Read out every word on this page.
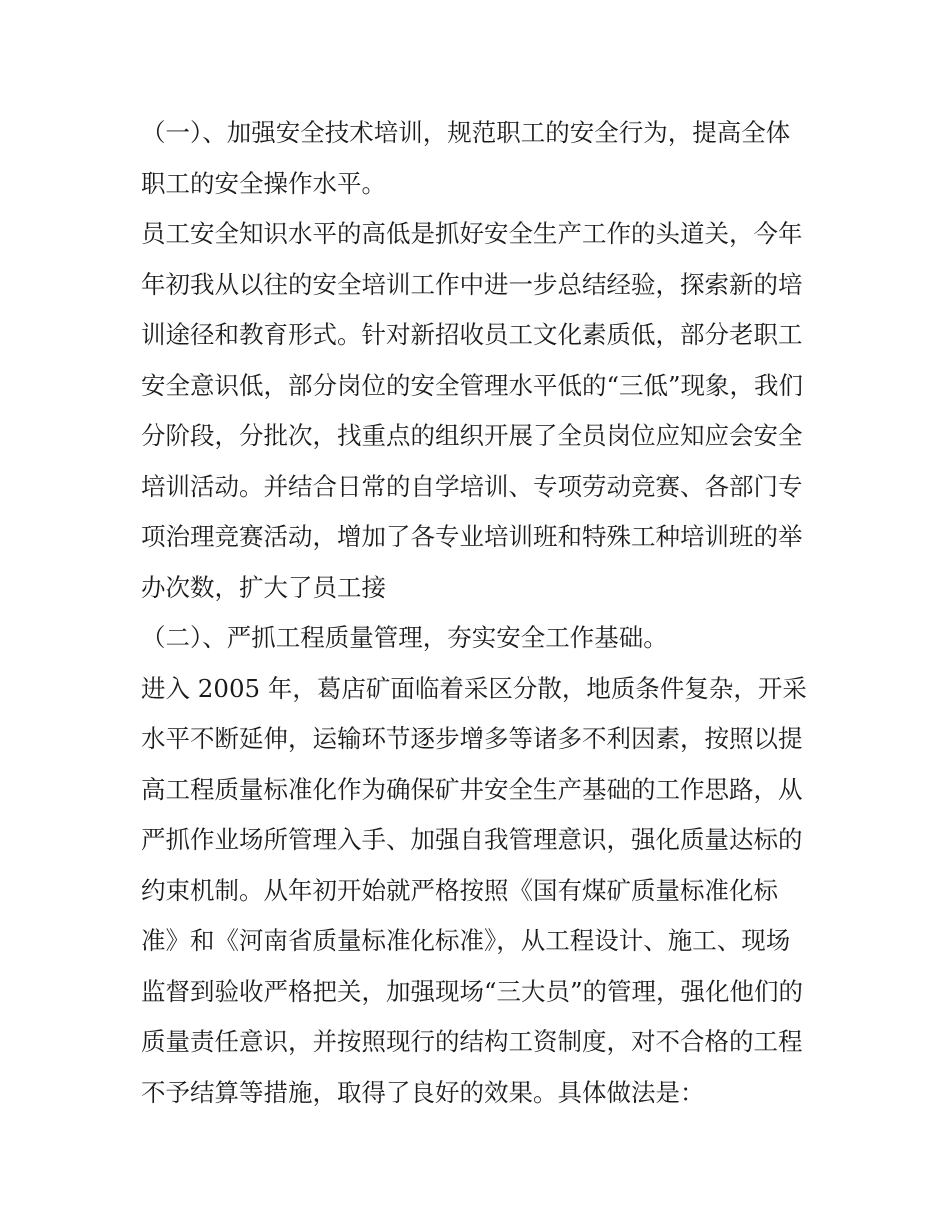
（一）、加强安全技术培训，规范职工的安全行为，提高全体
职工的安全操作水平。
员工安全知识水平的高低是抓好安全生产工作的头道关，今年
年初我从以往的安全培训工作中进一步总结经验，探索新的培
训途径和教育形式。针对新招收员工文化素质低，部分老职工
安全意识低，部分岗位的安全管理水平低的“三低”现象，我们
分阶段，分批次，找重点的组织开展了全员岗位应知应会安全
培训活动。并结合日常的自学培训、专项劳动竞赛、各部门专
项治理竞赛活动，增加了各专业培训班和特殊工种培训班的举
办次数，扩大了员工接
（二）、严抓工程质量管理，夯实安全工作基础。
进入 2005 年，葛店矿面临着采区分散，地质条件复杂，开采
水平不断延伸，运输环节逐步增多等诸多不利因素，按照以提
高工程质量标准化作为确保矿井安全生产基础的工作思路，从
严抓作业场所管理入手、加强自我管理意识，强化质量达标的
约束机制。从年初开始就严格按照《国有煤矿质量标准化标
准》和《河南省质量标准化标准》，从工程设计、施工、现场
监督到验收严格把关，加强现场“三大员”的管理，强化他们的
质量责任意识，并按照现行的结构工资制度，对不合格的工程
不予结算等措施，取得了良好的效果。具体做法是：
